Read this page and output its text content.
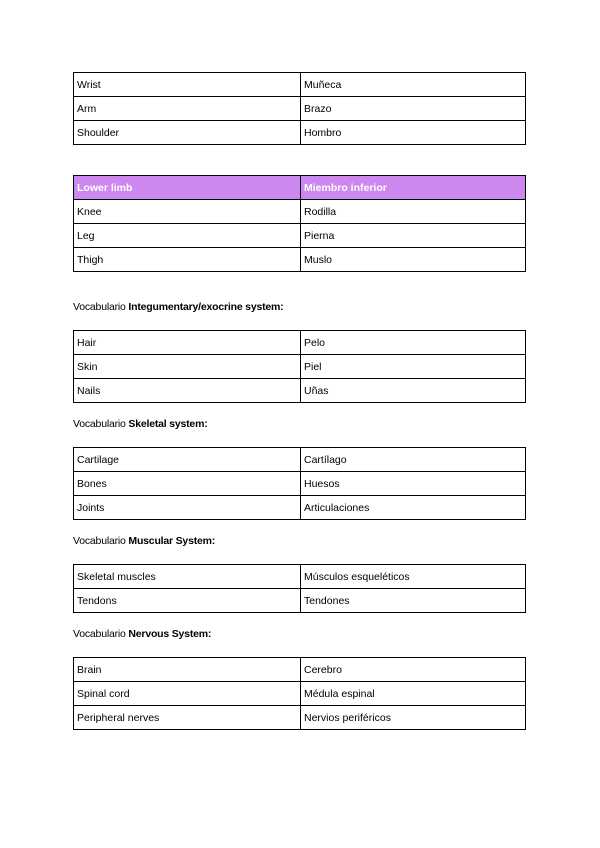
Wrist	Muñeca
Arm	Brazo
Shoulder	Hombro
Lower limb	Miembro inferior
Knee	Rodilla
Leg	Pierna
Thigh	Muslo
Vocabulario Integumentary/exocrine system:
Hair	Pelo
Skin	Piel
Nails	Uñas
Vocabulario Skeletal system:
Cartilage	Cartílago
Bones	Huesos
Joints	Articulaciones
Vocabulario Muscular System:
Skeletal muscles	Músculos esqueléticos
Tendons	Tendones
Vocabulario Nervous System:
Brain	Cerebro
Spinal cord	Médula espinal
Peripheral nerves	Nervios periféricos
